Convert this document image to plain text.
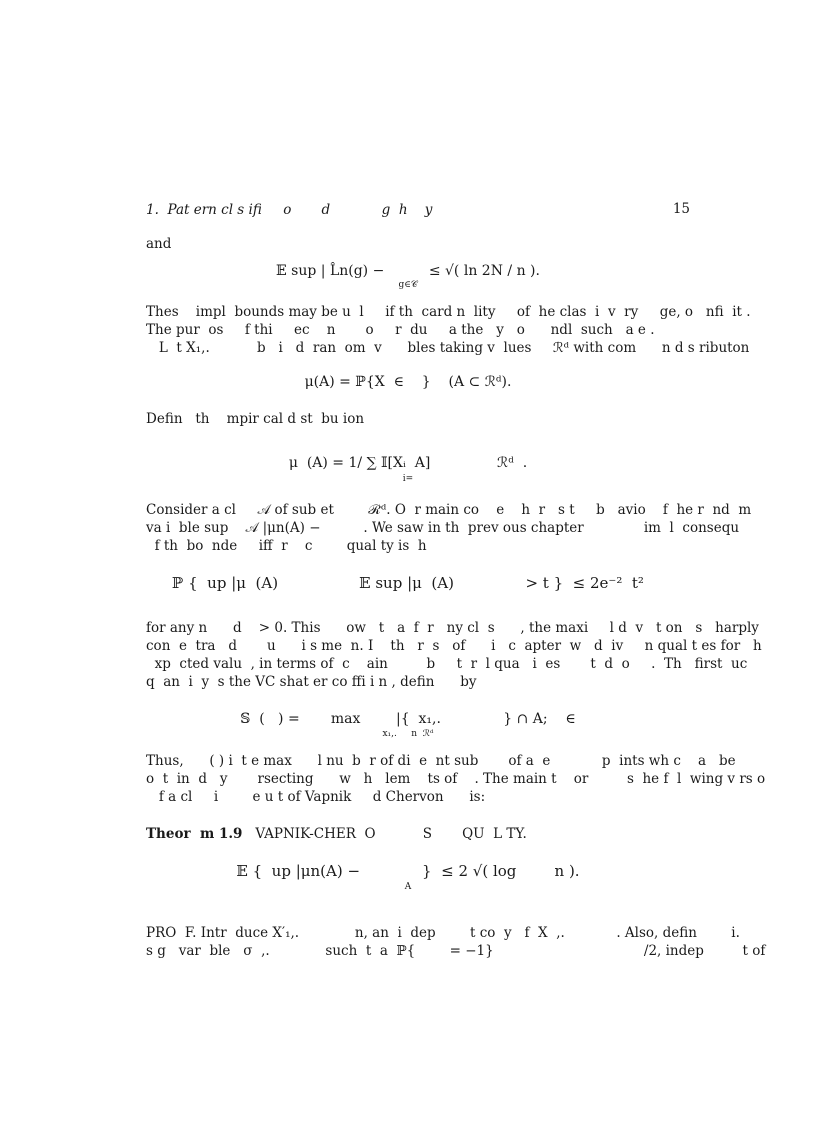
1.  Pat ern cl s ifi     o       d            g  h    y	15
and
𝔼 sup | L̂n(g) −          ≤ √( ln 2N / n ).
g∈𝒞
Thes    impl  bounds may be u  l     if th  card n  lity     of  he clas  i  v  ry     ge, o   nfi  it .
The pur  os     f thi     ec    n       o     r  du     a the   y   o      ndl  such   a e .
L  t X₁,.           b   i   d  ran  om  v      bles taking v  lues     ℛᵈ with com      n d s ributon
μ(A) = ℙ{X  ∈    }    (A ⊂ ℛᵈ).
Defin   th    mpir cal d st  bu ion
μ  (A) = 1/ ∑ 𝕀[Xᵢ  A]               ℛᵈ  .
i=
Consider a cl     𝒜 of sub et        ℛᵈ. O  r main co    e    h  r   s t     b   avio    f  he r  nd  m
va i  ble sup    𝒜 |μn(A) −          . We saw in th  prev ous chapter              im  l  consequ
f th  bo  nde     iff  r    c        qual ty is  h
ℙ {  up |μ  (A)                 𝔼 sup |μ  (A)               > t }  ≤ 2e⁻²  t²
for any n      d    > 0. This      ow   t   a  f  r   ny cl  s      , the maxi     l d  v   t on   s   harply
con  e  tra   d       u      i s me  n. I    th   r  s   of      i   c  apter  w   d  iv     n qual t es for   h
xp  cted valu  , in terms of  c    ain         b     t  r  l qua   i  es       t  d  o     .  Th   first  uc
q  an  i  y  s the VC shat er co ffi i n , defin      by
𝕊  (   ) =       max        |{  x₁,.              } ∩ A;    ∈
x₁,.     n  ℛᵈ
Thus,      ( ) i  t e max      l nu  b  r of di  e  nt sub       of a  e            p  ints wh c    a   be
o  t  in  d   y       rsecting      w   h   lem    ts of    . The main t    or         s  he f  l  wing v rs o
f a cl     i        e u t of Vapnik     d Chervon      is:
Theor  m 1.9 VAPNIK-CHER  O           S       QU  L TY.
𝔼 {  up |μn(A) −             }  ≤ 2 √( log        n ).
A
PRO  F. Intr  duce X′₁,.             n, an  i  dep        t co  y   f  X  ,.            . Also, defin        i.
s g   var  ble   σ  ,.             such  t  a  ℙ{        = −1}                                   /2, indep         t of
